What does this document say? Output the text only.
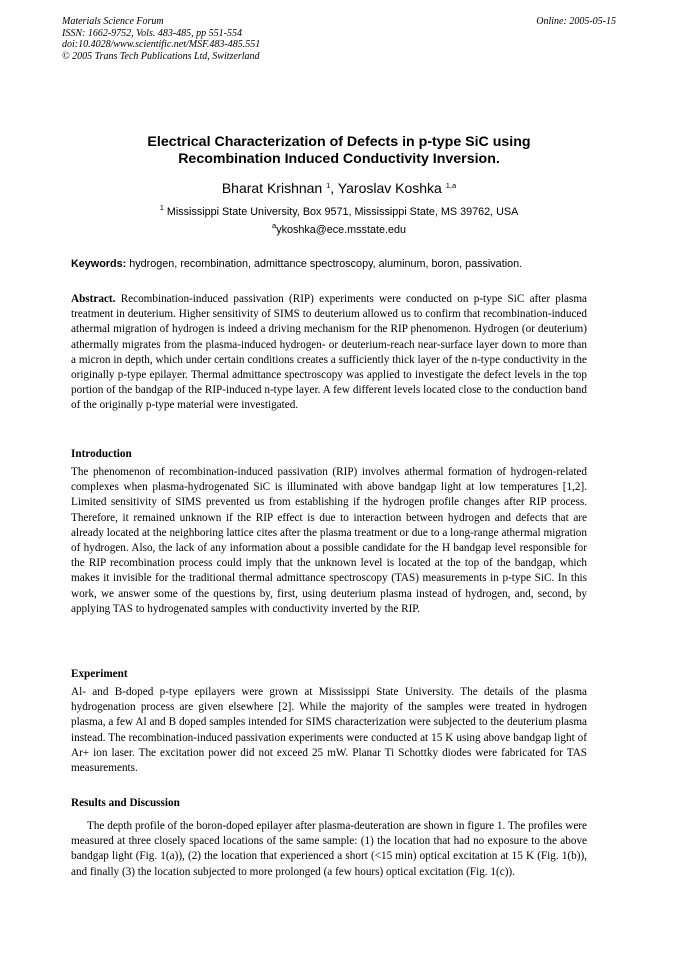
Materials Science Forum
ISSN: 1662-9752, Vols. 483-485, pp 551-554
doi:10.4028/www.scientific.net/MSF.483-485.551
© 2005 Trans Tech Publications Ltd, Switzerland
Online: 2005-05-15
Electrical Characterization of Defects in p-type SiC using
Recombination Induced Conductivity Inversion.
Bharat Krishnan $^1$, Yaroslav Koshka $^{1,a}$
$^1$ Mississippi State University, Box 9571, Mississippi State, MS 39762, USA
$^a$ykoshka@ece.msstate.edu
Keywords: hydrogen, recombination, admittance spectroscopy, aluminum, boron, passivation.
Abstract. Recombination-induced passivation (RIP) experiments were conducted on p-type SiC after plasma treatment in deuterium. Higher sensitivity of SIMS to deuterium allowed us to confirm that recombination-induced athermal migration of hydrogen is indeed a driving mechanism for the RIP phenomenon. Hydrogen (or deuterium) athermally migrates from the plasma-induced hydrogen- or deuterium-reach near-surface layer down to more than a micron in depth, which under certain conditions creates a sufficiently thick layer of the n-type conductivity in the originally p-type epilayer. Thermal admittance spectroscopy was applied to investigate the defect levels in the top portion of the bandgap of the RIP-induced n-type layer. A few different levels located close to the conduction band of the originally p-type material were investigated.
Introduction
The phenomenon of recombination-induced passivation (RIP) involves athermal formation of hydrogen-related complexes when plasma-hydrogenated SiC is illuminated with above bandgap light at low temperatures [1,2]. Limited sensitivity of SIMS prevented us from establishing if the hydrogen profile changes after RIP process. Therefore, it remained unknown if the RIP effect is due to interaction between hydrogen and defects that are already located at the neighboring lattice cites after the plasma treatment or due to a long-range athermal migration of hydrogen. Also, the lack of any information about a possible candidate for the H bandgap level responsible for the RIP recombination process could imply that the unknown level is located at the top of the bandgap, which makes it invisible for the traditional thermal admittance spectroscopy (TAS) measurements in p-type SiC. In this work, we answer some of the questions by, first, using deuterium plasma instead of hydrogen, and, second, by applying TAS to hydrogenated samples with conductivity inverted by the RIP.
Experiment
Al- and B-doped p-type epilayers were grown at Mississippi State University. The details of the plasma hydrogenation process are given elsewhere [2]. While the majority of the samples were treated in hydrogen plasma, a few Al and B doped samples intended for SIMS characterization were subjected to the deuterium plasma instead. The recombination-induced passivation experiments were conducted at 15 K using above bandgap light of Ar+ ion laser. The excitation power did not exceed 25 mW. Planar Ti Schottky diodes were fabricated for TAS measurements.
Results and Discussion
The depth profile of the boron-doped epilayer after plasma-deuteration are shown in figure 1. The profiles were measured at three closely spaced locations of the same sample: (1) the location that had no exposure to the above bandgap light (Fig. 1(a)), (2) the location that experienced a short (<15 min) optical excitation at 15 K (Fig. 1(b)), and finally (3) the location subjected to more prolonged (a few hours) optical excitation (Fig. 1(c)).
